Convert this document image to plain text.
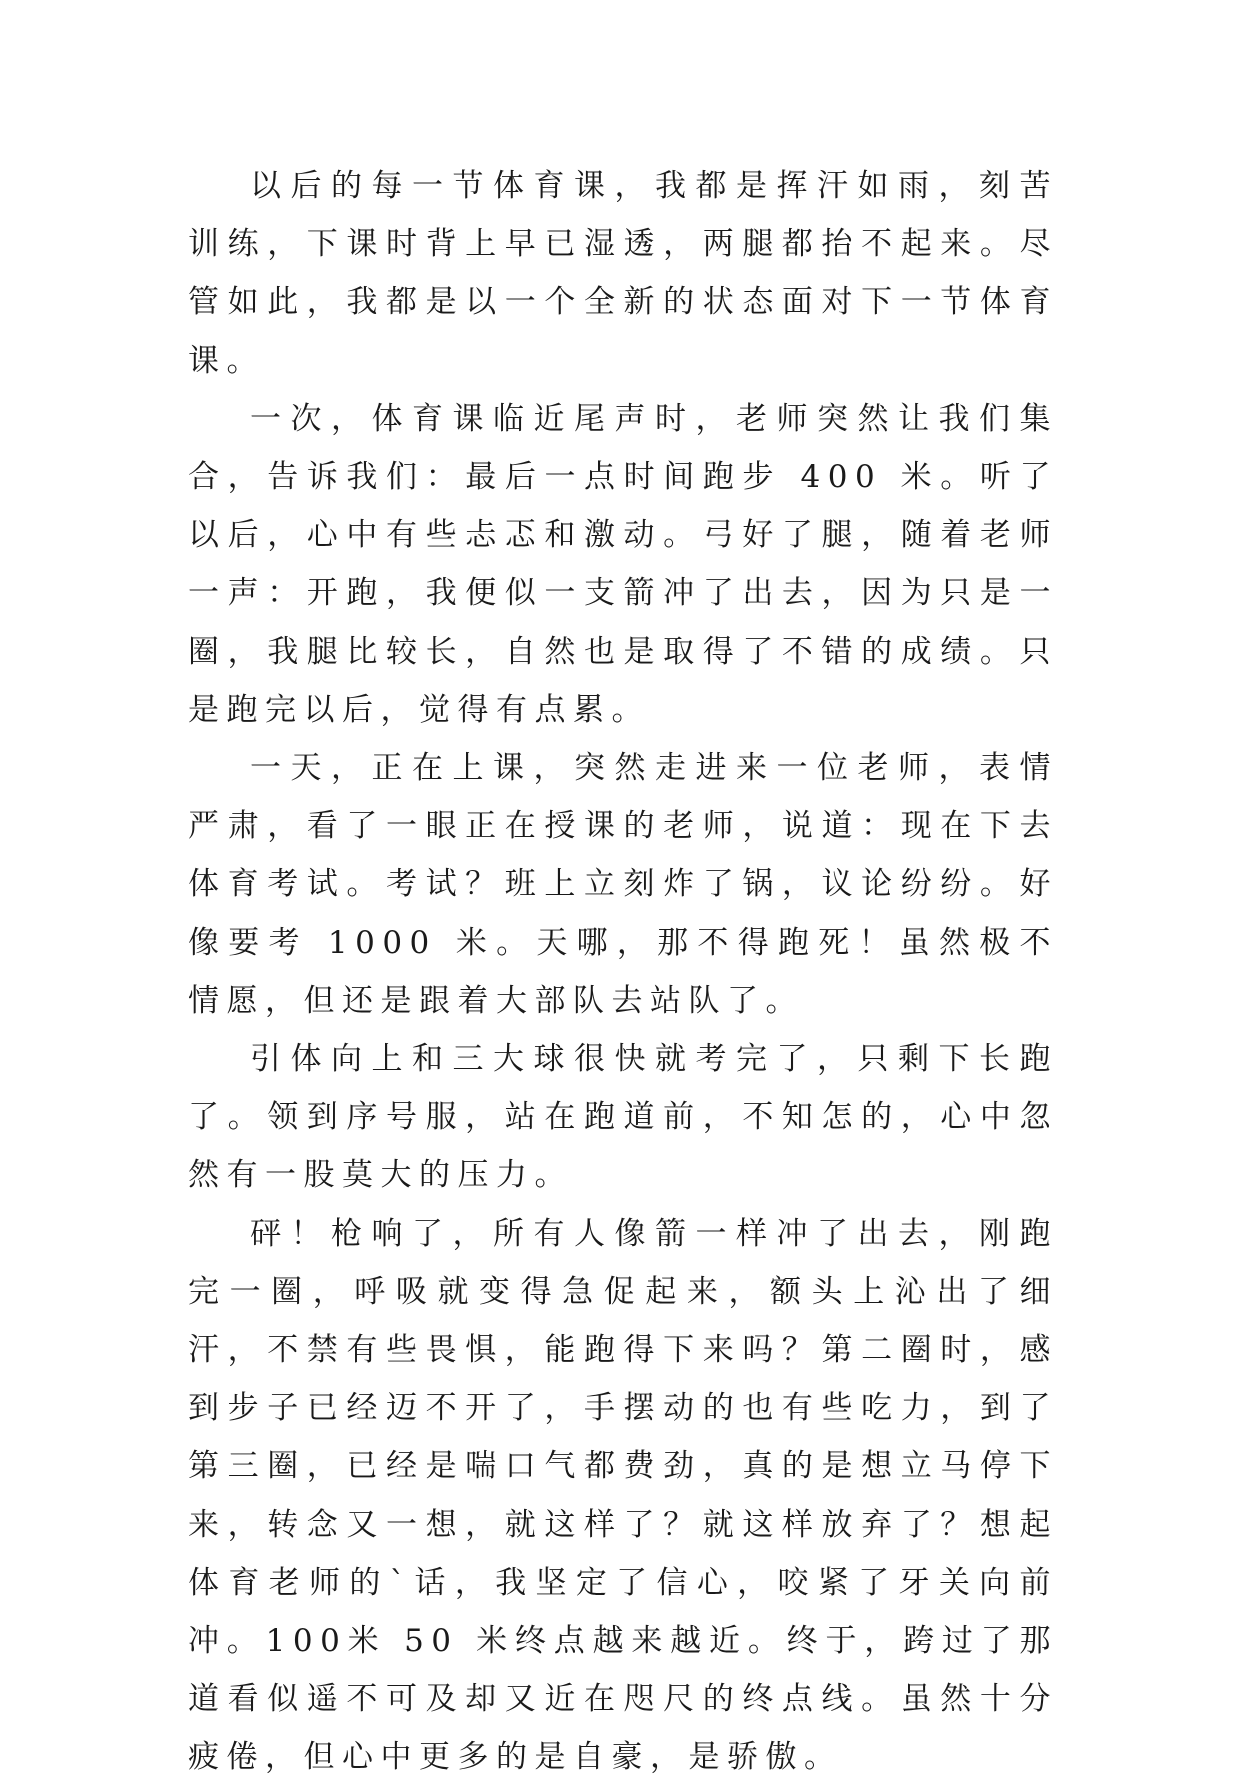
以后的每一节体育课，我都是挥汗如雨，刻苦训练，下课时背上早已湿透，两腿都抬不起来。尽管如此，我都是以一个全新的状态面对下一节体育课。

一次，体育课临近尾声时，老师突然让我们集合，告诉我们：最后一点时间跑步 400 米。听了以后，心中有些忐忑和激动。弓好了腿，随着老师一声：开跑，我便似一支箭冲了出去，因为只是一圈，我腿比较长，自然也是取得了不错的成绩。只是跑完以后，觉得有点累。

一天，正在上课，突然走进来一位老师，表情严肃，看了一眼正在授课的老师，说道：现在下去体育考试。考试？班上立刻炸了锅，议论纷纷。好像要考 1000 米。天哪，那不得跑死！虽然极不情愿，但还是跟着大部队去站队了。

引体向上和三大球很快就考完了，只剩下长跑了。领到序号服，站在跑道前，不知怎的，心中忽然有一股莫大的压力。

砰！枪响了，所有人像箭一样冲了出去，刚跑完一圈，呼吸就变得急促起来，额头上沁出了细汗，不禁有些畏惧，能跑得下来吗？第二圈时，感到步子已经迈不开了，手摆动的也有些吃力，到了第三圈，已经是喘口气都费劲，真的是想立马停下来，转念又一想，就这样了？就这样放弃了？想起体育老师的`话，我坚定了信心，咬紧了牙关向前冲。100米 50 米终点越来越近。终于，跨过了那道看似遥不可及却又近在咫尺的终点线。虽然十分疲倦，但心中更多的是自豪，是骄傲。
